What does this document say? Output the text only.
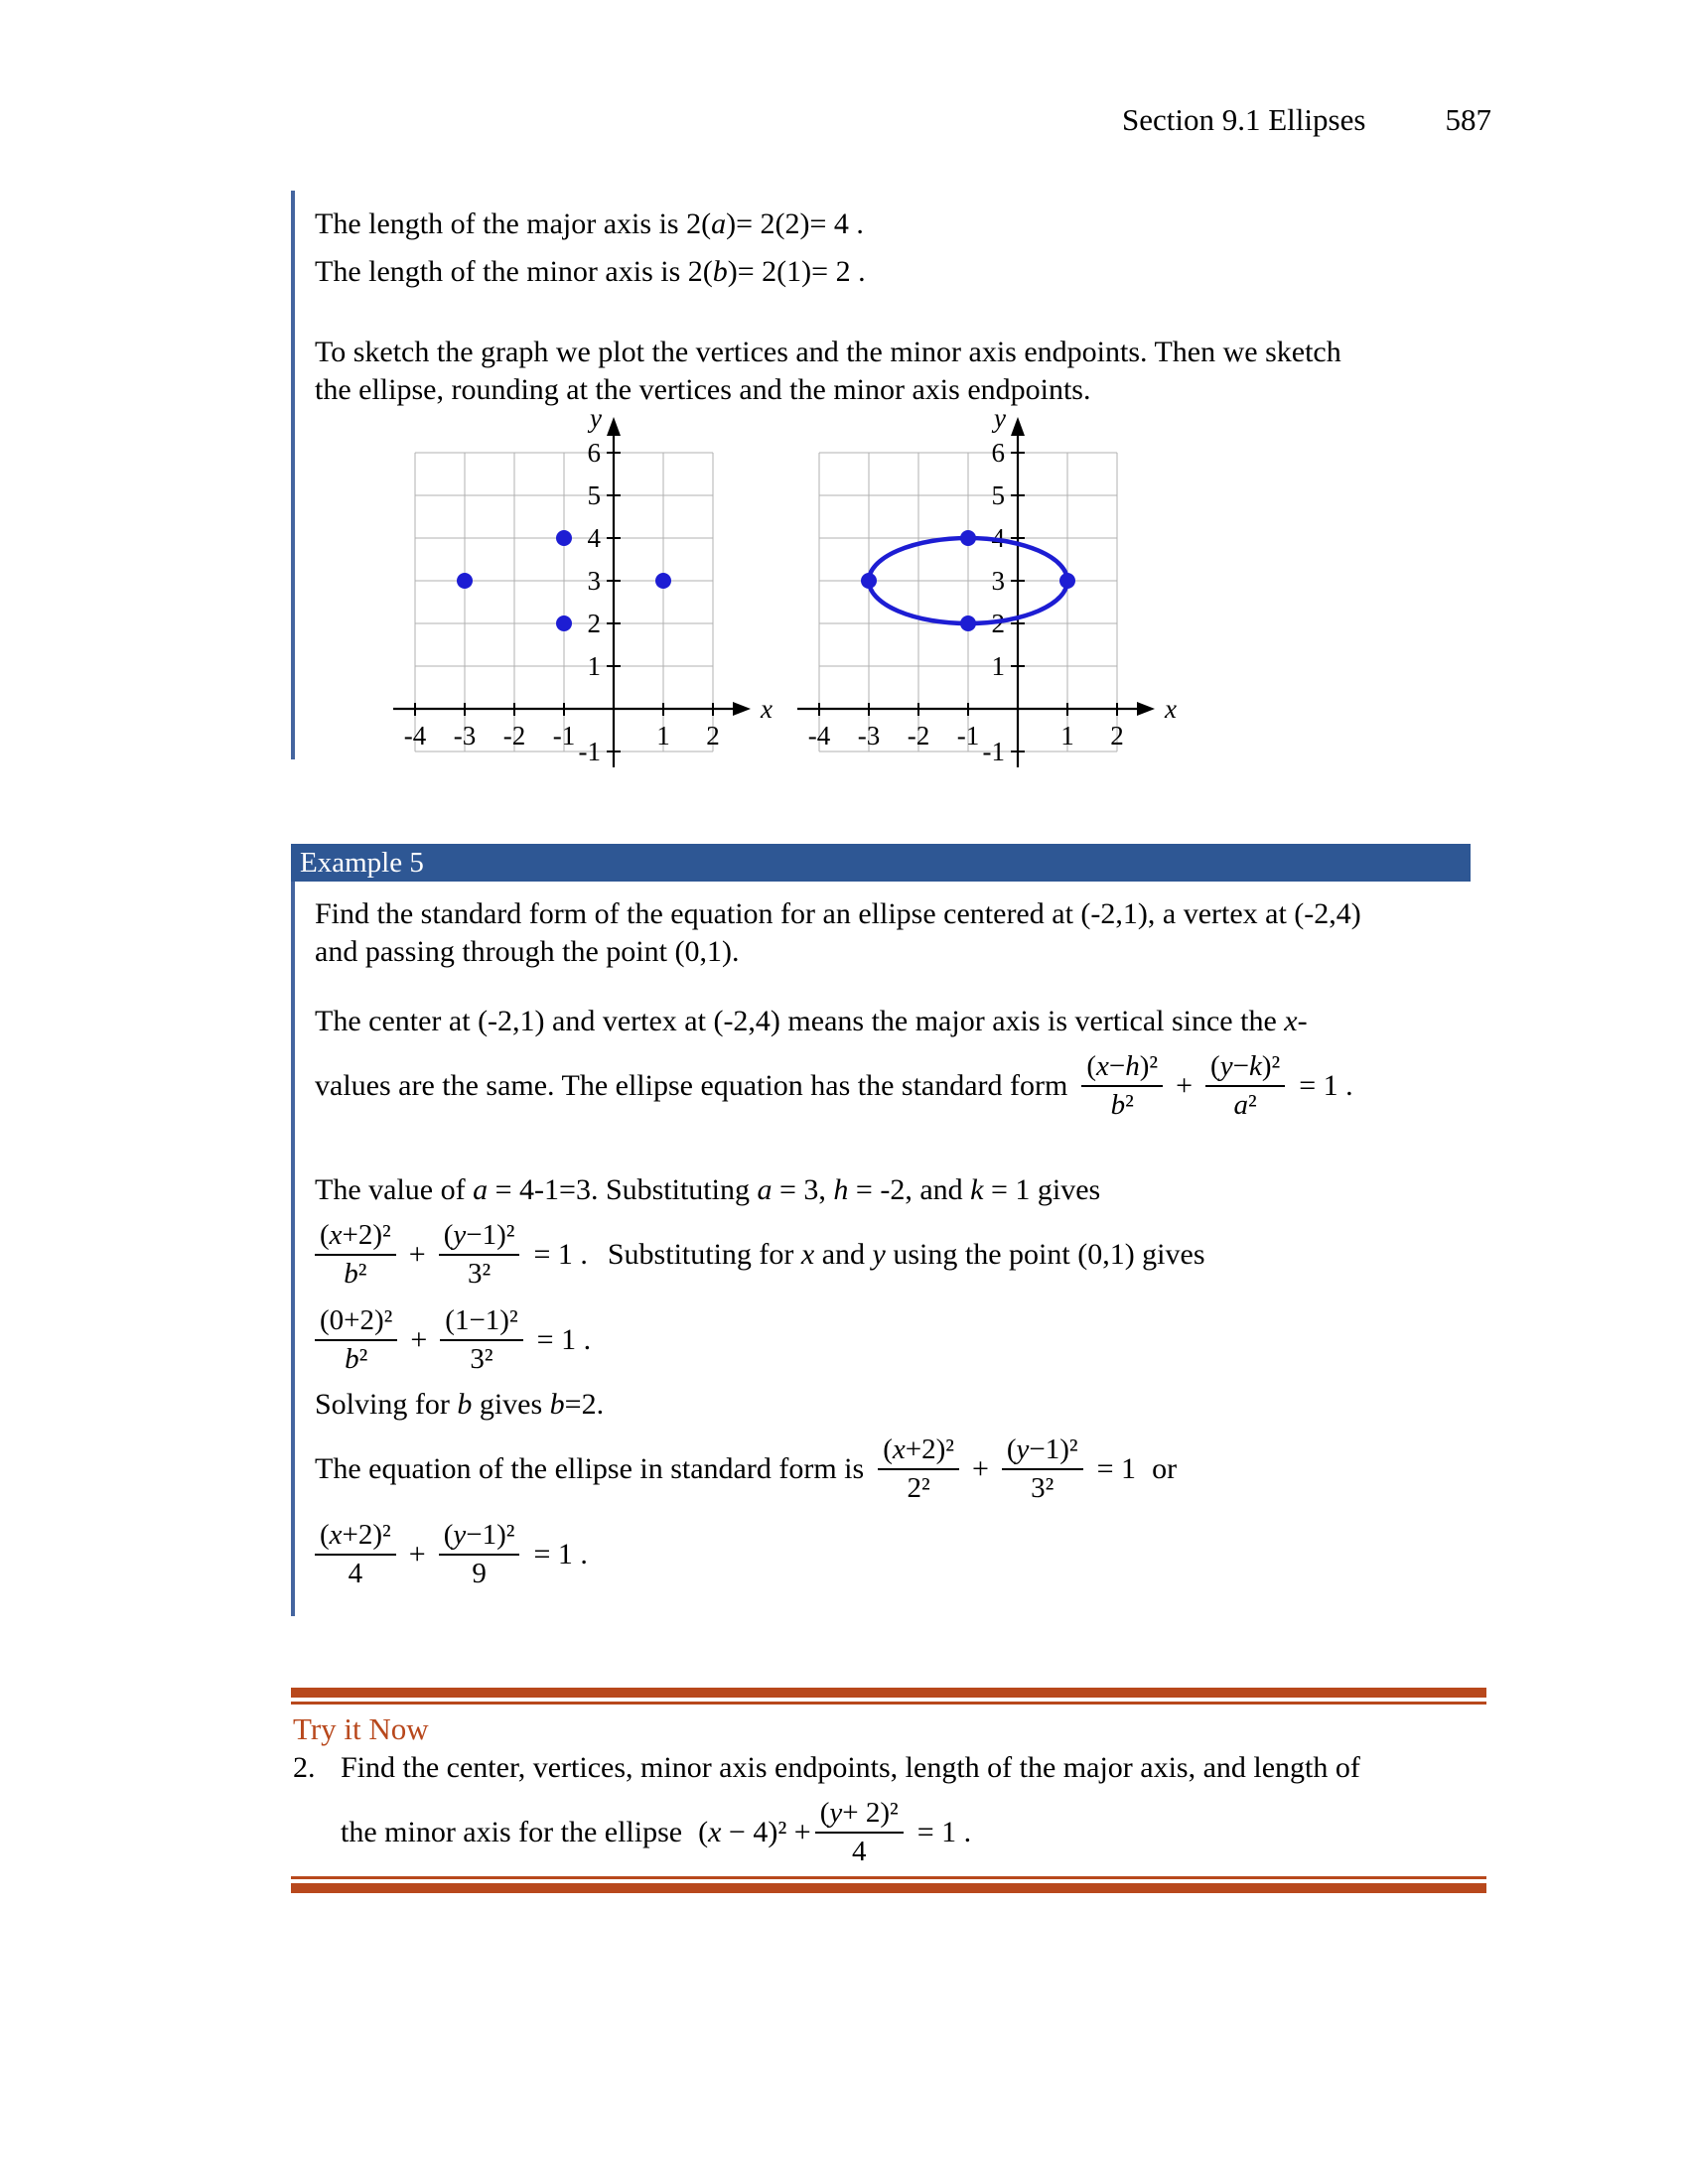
Section 9.1 Ellipses	587
The length of the major axis is 2(a)= 2(2)= 4 .
The length of the minor axis is 2(b)= 2(1)= 2 .
To sketch the graph we plot the vertices and the minor axis endpoints. Then we sketch
the ellipse, rounding at the vertices and the minor axis endpoints.
-4 -3 -2 -1	1 2
6
5
4
3
2
1
-1
y
x
-4 -3 -2 -1	1 2
6
5
4
3
2
1
-1
y
x
Example 5
Find the standard form of the equation for an ellipse centered at (-2,1), a vertex at (-2,4)
and passing through the point (0,1).
The center at (-2,1) and vertex at (-2,4) means the major axis is vertical since the x-
values are the same. The ellipse equation has the standard form $\frac{\text{(x−h)²}}{\text{b²}} + \frac{\text{(y−k)²}}{\text{a²}} = 1$ .
The value of a = 4-1=3. Substituting a = 3, h = -2, and k = 1 gives
$\frac{\text{(x+2)²}}{\text{b²}} + \frac{\text{(y−1)²}}{\text{3²}} = 1$ . Substituting for x and y using the point (0,1) gives
$\frac{\text{(0+2)²}}{\text{b²}} + \frac{\text{(1−1)²}}{\text{3²}} = 1$ .
Solving for b gives b=2.
The equation of the ellipse in standard form is $\frac{\text{(x+2)²}}{\text{2²}} + \frac{\text{(y−1)²}}{\text{3²}} = 1$ or
$\frac{\text{(x+2)²}}{4} + \frac{\text{(y−1)²}}{9} = 1$ .
Try it Now
2. Find the center, vertices, minor axis endpoints, length of the major axis, and length of
the minor axis for the ellipse $(x - 4)^2 + \frac{\text{(y+ 2)²}}{4} = 1$ .
